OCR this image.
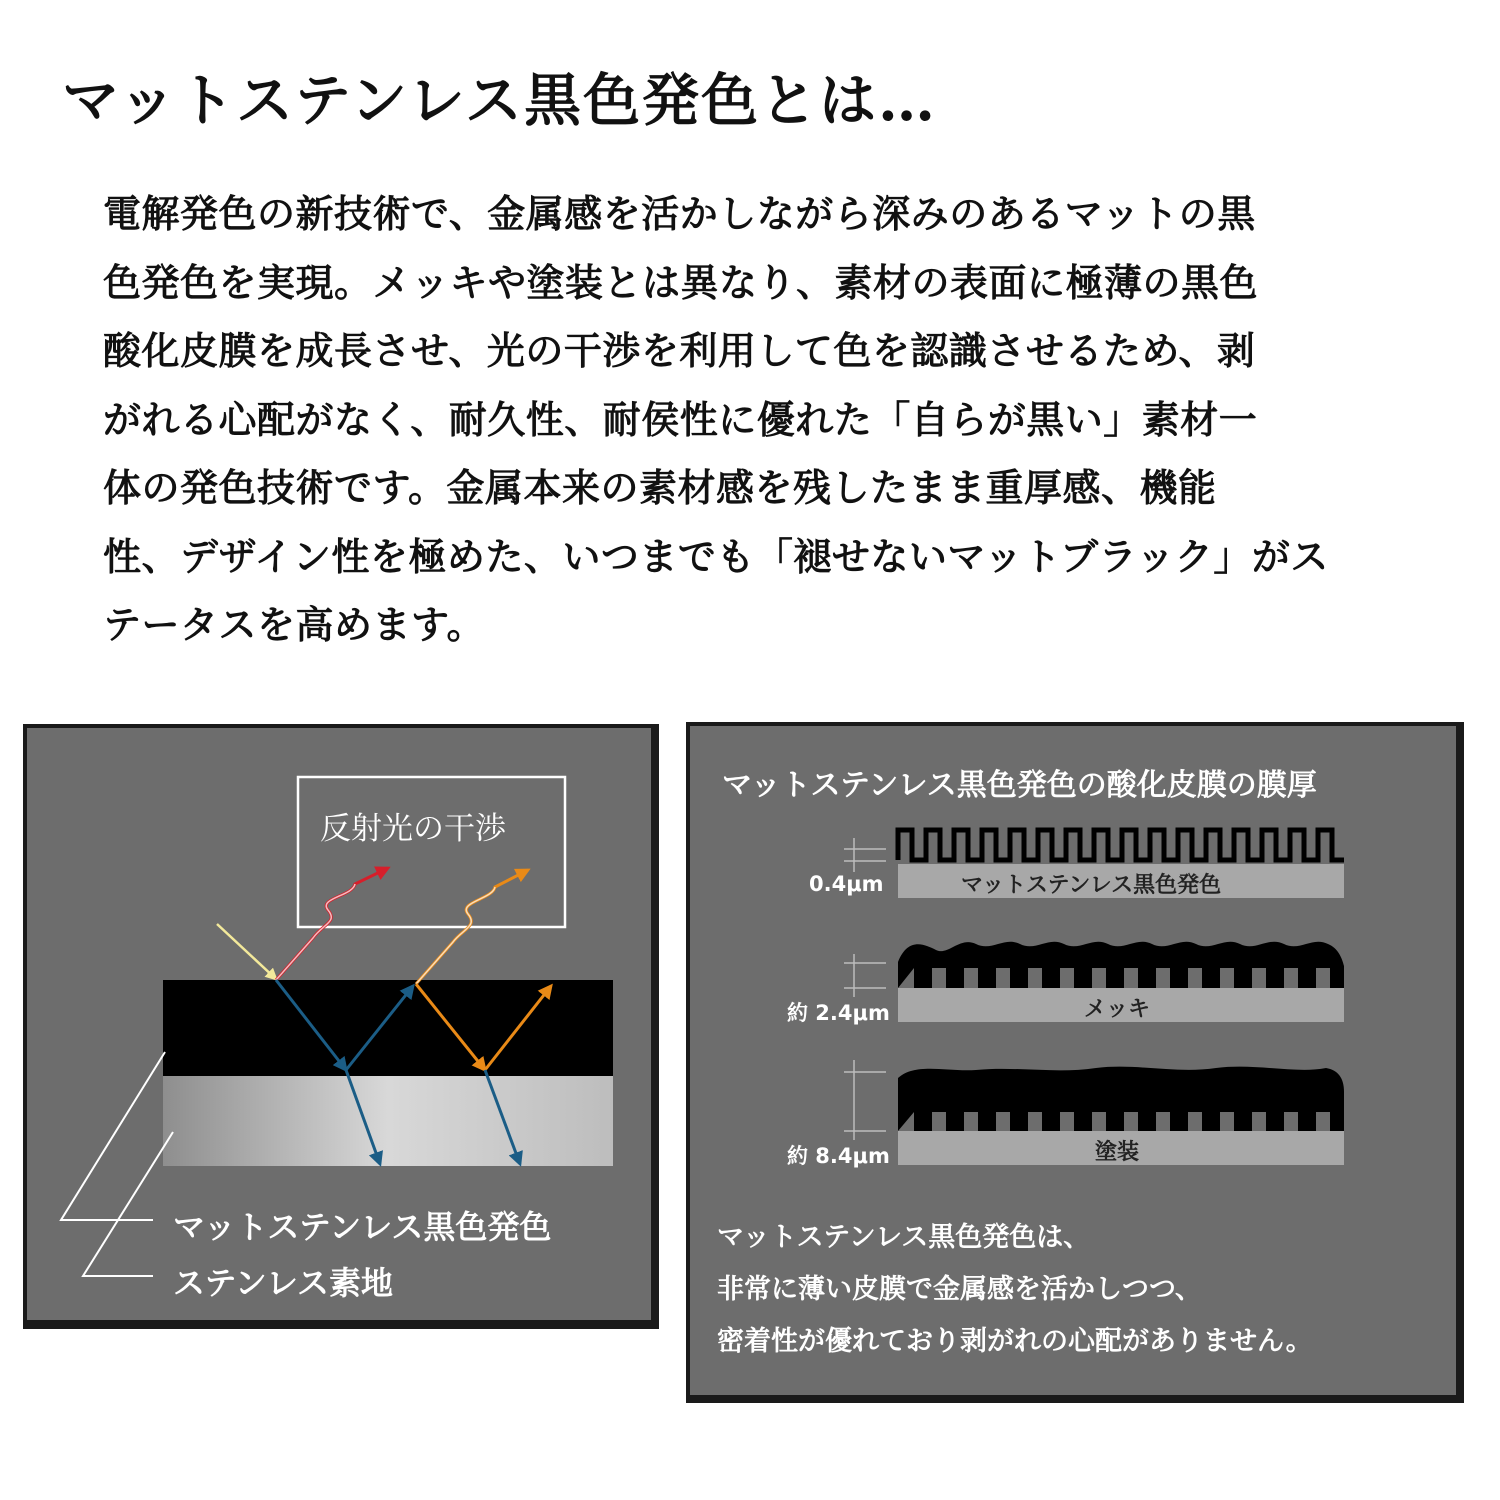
マットステンレス黒色発色とは…
電解発色の新技術で、金属感を活かしながら深みのあるマットの黒
色発色を実現。メッキや塗装とは異なり、素材の表面に極薄の黒色
酸化皮膜を成長させ、光の干渉を利用して色を認識させるため、剥
がれる心配がなく、耐久性、耐侯性に優れた「自らが黒い」素材一
体の発色技術です。金属本来の素材感を残したまま重厚感、機能
性、デザイン性を極めた、いつまでも「褪せないマットブラック」がス
テータスを高めます。
反射光の干渉
マットステンレス黒色発色
ステンレス素地
マットステンレス黒色発色の酸化皮膜の膜厚
0.4μm	マットステンレス黒色発色
約 2.4μm	メッキ
約 8.4μm	塗装
マットステンレス黒色発色は、
非常に薄い皮膜で金属感を活かしつつ、
密着性が優れており剥がれの心配がありません。
